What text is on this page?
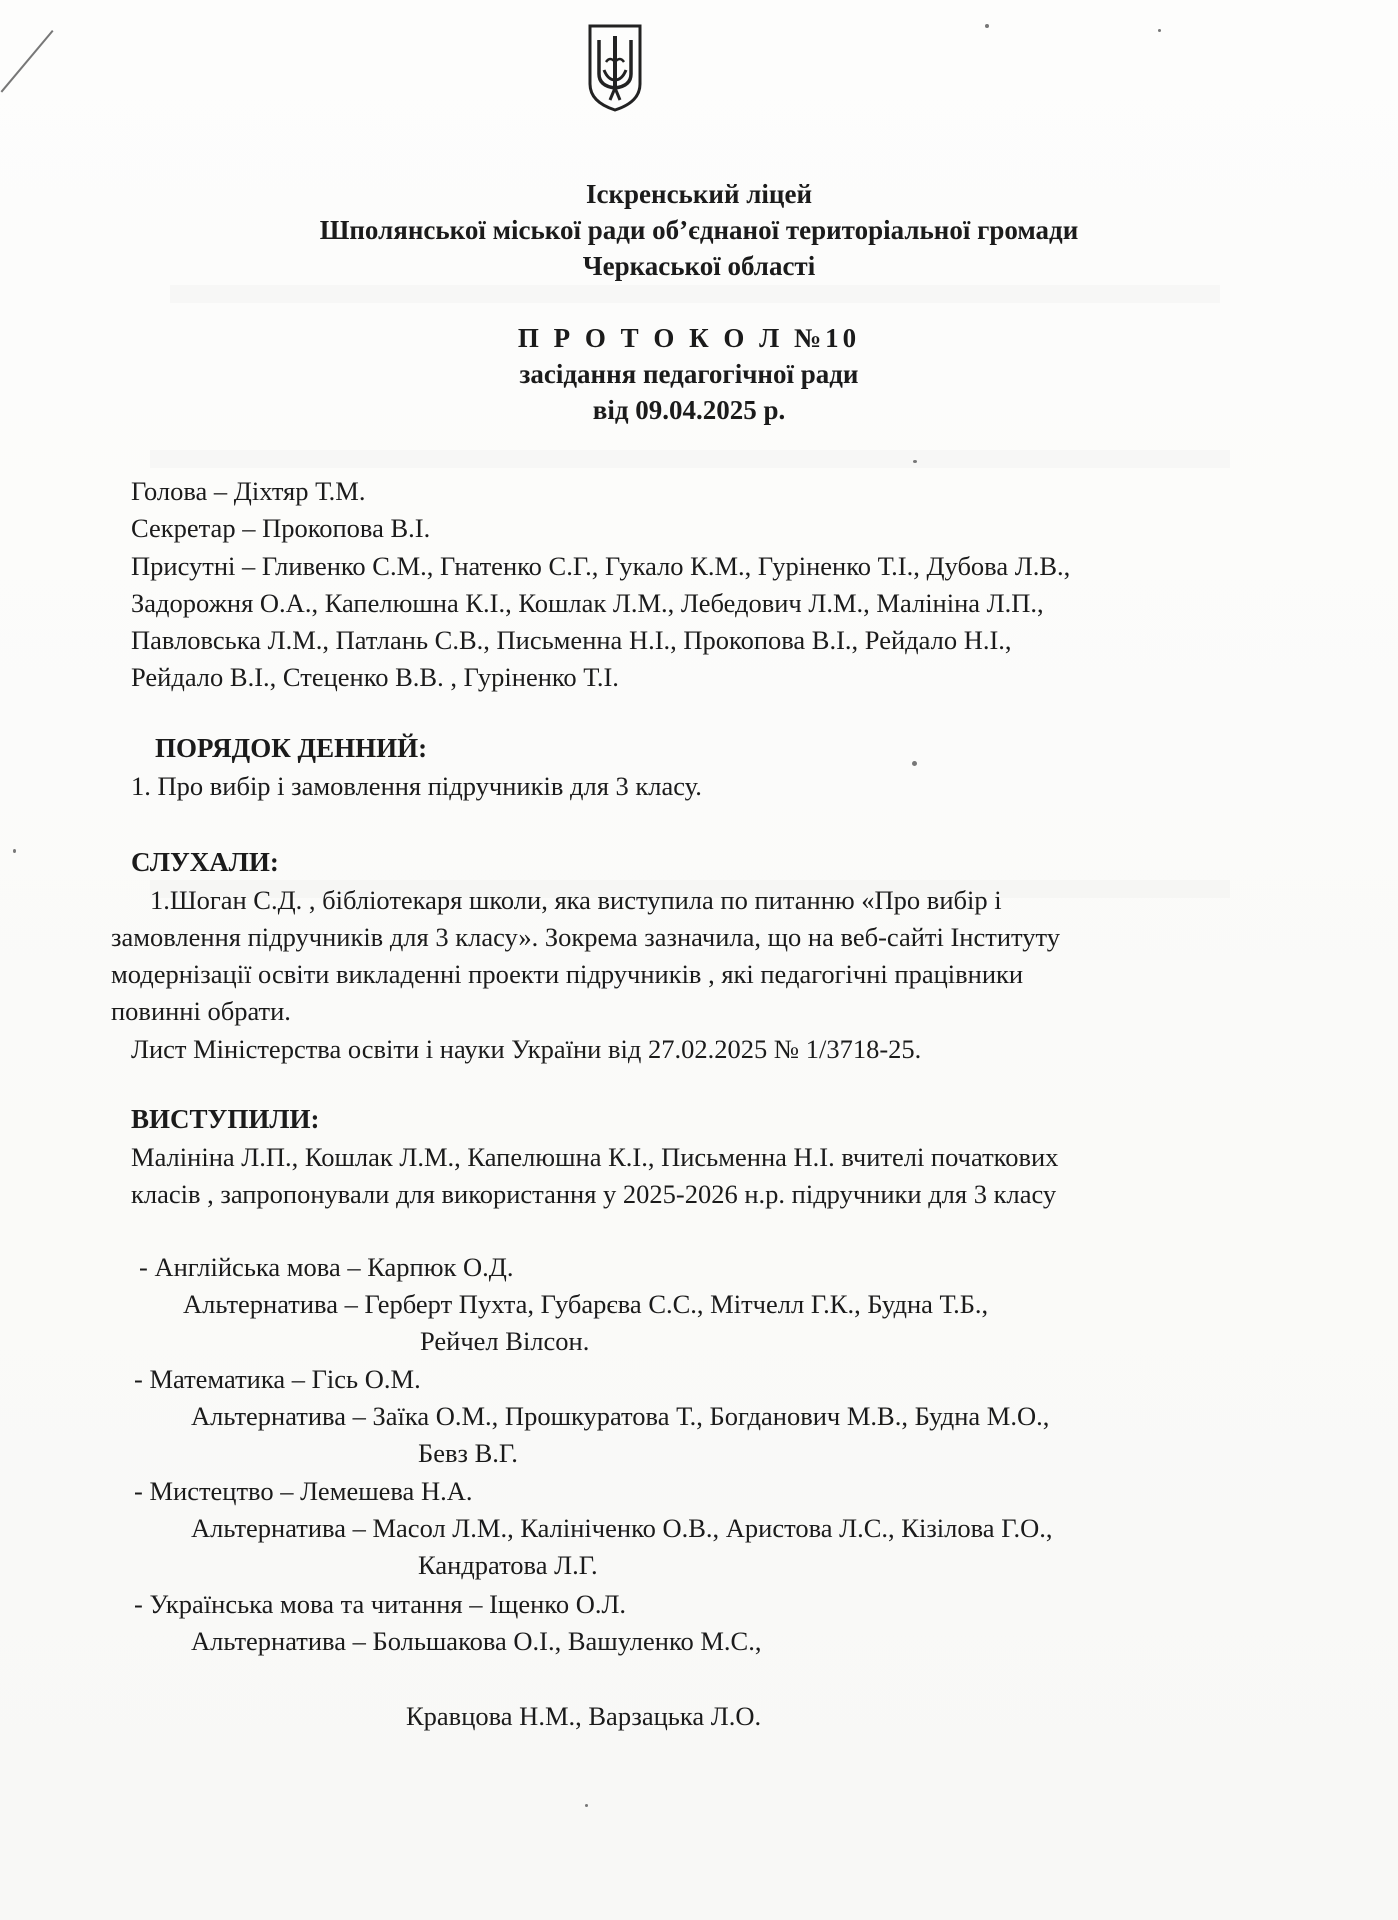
Іскренський ліцей
Шполянської міської ради об’єднаної територіальної громади
Черкаської області
П Р О Т О К О Л №10
засідання педагогічної ради
від 09.04.2025 р.
Голова – Діхтяр Т.М.
Секретар – Прокопова В.І.
Присутні – Гливенко С.М., Гнатенко С.Г., Гукало К.М., Гуріненко Т.І., Дубова Л.В.,
Задорожня О.А., Капелюшна К.І., Кошлак Л.М., Лебедович Л.М., Малініна Л.П.,
Павловська Л.М., Патлань С.В., Письменна Н.І., Прокопова В.І., Рейдало Н.І.,
Рейдало В.І., Стеценко В.В. , Гуріненко Т.І.
ПОРЯДОК ДЕННИЙ:
1. Про вибір і замовлення підручників для 3 класу.
СЛУХАЛИ:
1.Шоган С.Д. , бібліотекаря школи, яка виступила по питанню «Про вибір і
замовлення підручників для 3 класу». Зокрема зазначила, що на веб-сайті Інституту
модернізації освіти викладенні проекти підручників , які педагогічні працівники
повинні обрати.
Лист Міністерства освіти і науки України від 27.02.2025 № 1/3718-25.
ВИСТУПИЛИ:
Малініна Л.П., Кошлак Л.М., Капелюшна К.І., Письменна Н.І. вчителі початкових
класів , запропонували для використання у 2025-2026 н.р. підручники для 3 класу
- Англійська мова – Карпюк О.Д.
Альтернатива – Герберт Пухта, Губарєва С.С., Мітчелл Г.К., Будна Т.Б.,
Рейчел Вілсон.
- Математика – Гісь О.М.
Альтернатива – Заїка О.М., Прошкуратова Т., Богданович М.В., Будна М.О.,
Бевз В.Г.
- Мистецтво – Лемешева Н.А.
Альтернатива – Масол Л.М., Калініченко О.В., Аристова Л.С., Кізілова Г.О.,
Кандратова Л.Г.
- Українська мова та читання – Іщенко О.Л.
Альтернатива – Большакова О.І., Вашуленко М.С.,
Кравцова Н.М., Варзацька Л.О.
